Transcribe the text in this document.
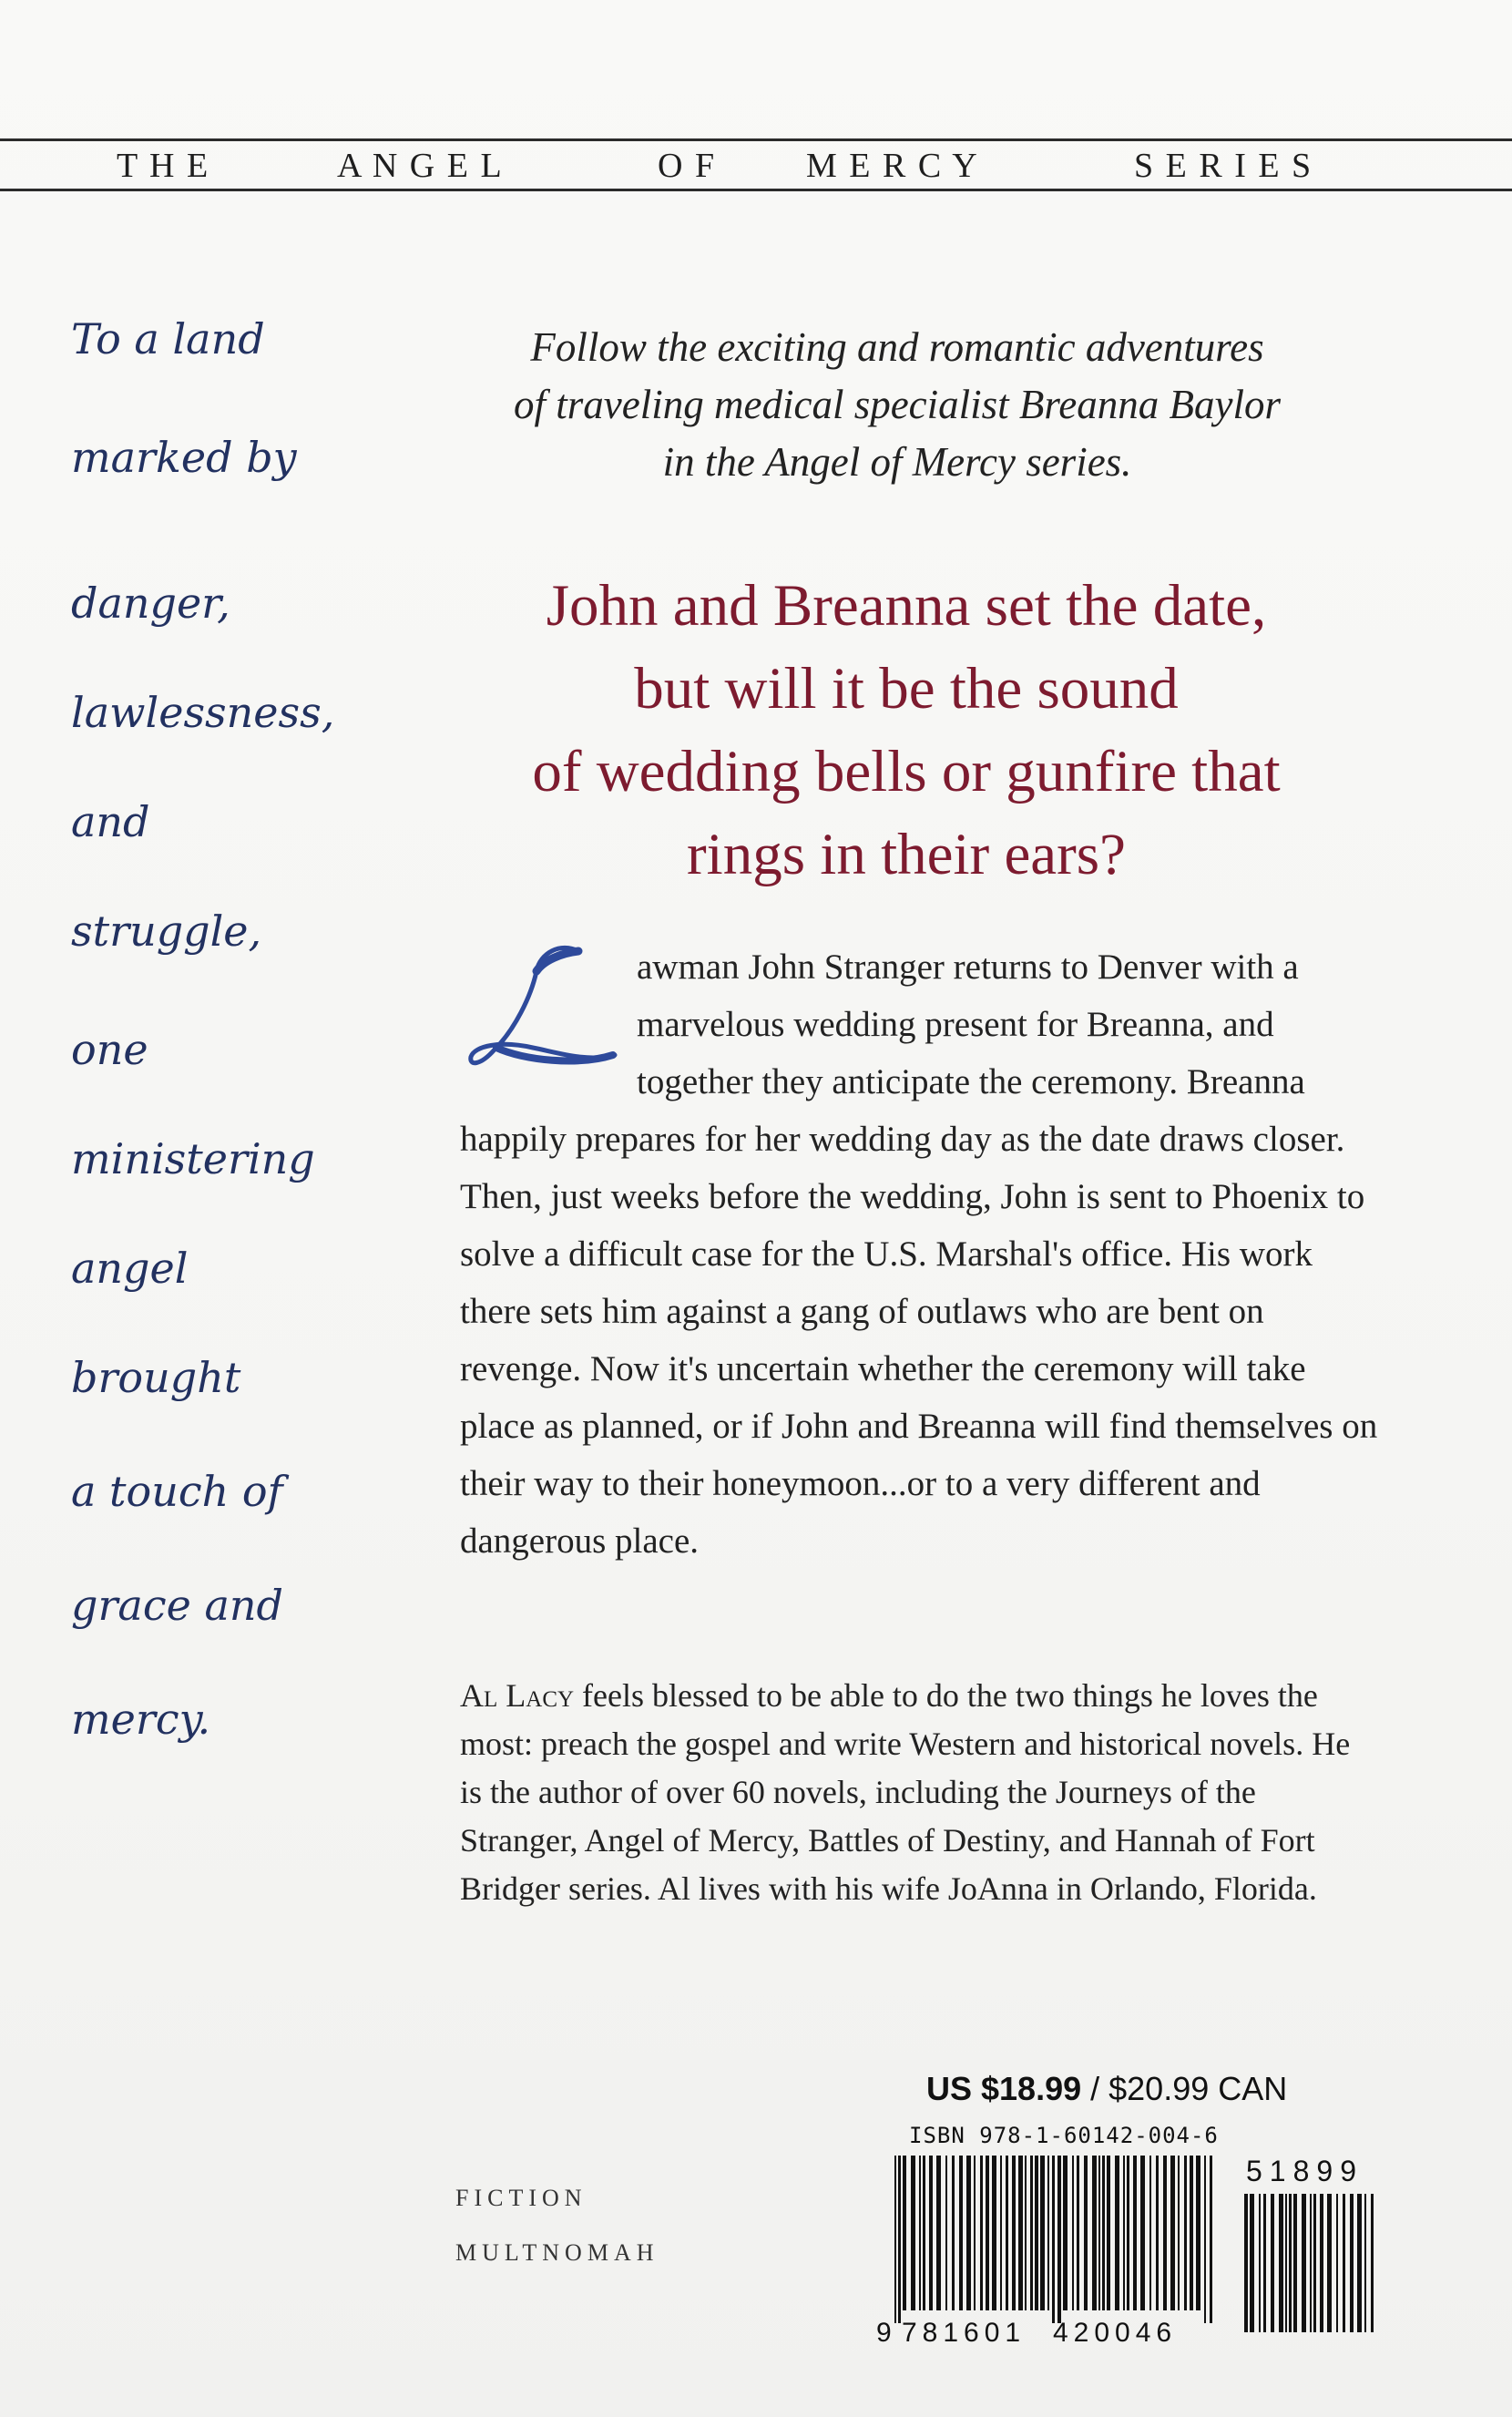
T H E	A N G E L	O F	M E R C Y	S E R I E S
To a land
marked by
danger,
lawlessness,
and
struggle,
one
ministering
angel
brought
a touch of
grace and
mercy.
Follow the exciting and romantic adventures
of traveling medical specialist Breanna Baylor
in the Angel of Mercy series.
John and Breanna set the date,
but will it be the sound
of wedding bells or gunfire that
rings in their ears?
awman John Stranger returns to Denver with a marvelous wedding present for Breanna, and together they anticipate the ceremony. Breanna happily prepares for her wedding day as the date draws closer. Then, just weeks before the wedding, John is sent to Phoenix to solve a difficult case for the U.S. Marshal's office. His work there sets him against a gang of outlaws who are bent on revenge. Now it's uncertain whether the ceremony will take place as planned, or if John and Breanna will find themselves on their way to their honeymoon...or to a very different and dangerous place.
Al Lacy feels blessed to be able to do the two things he loves the most: preach the gospel and write Western and historical novels. He is the author of over 60 novels, including the Journeys of the Stranger, Angel of Mercy, Battles of Destiny, and Hannah of Fort Bridger series. Al lives with his wife JoAnna in Orlando, Florida.
US $18.99 / $20.99 CAN
ISBN 978-1-60142-004-6
9 781601 420046
51899
FICTION
MULTNOMAH
